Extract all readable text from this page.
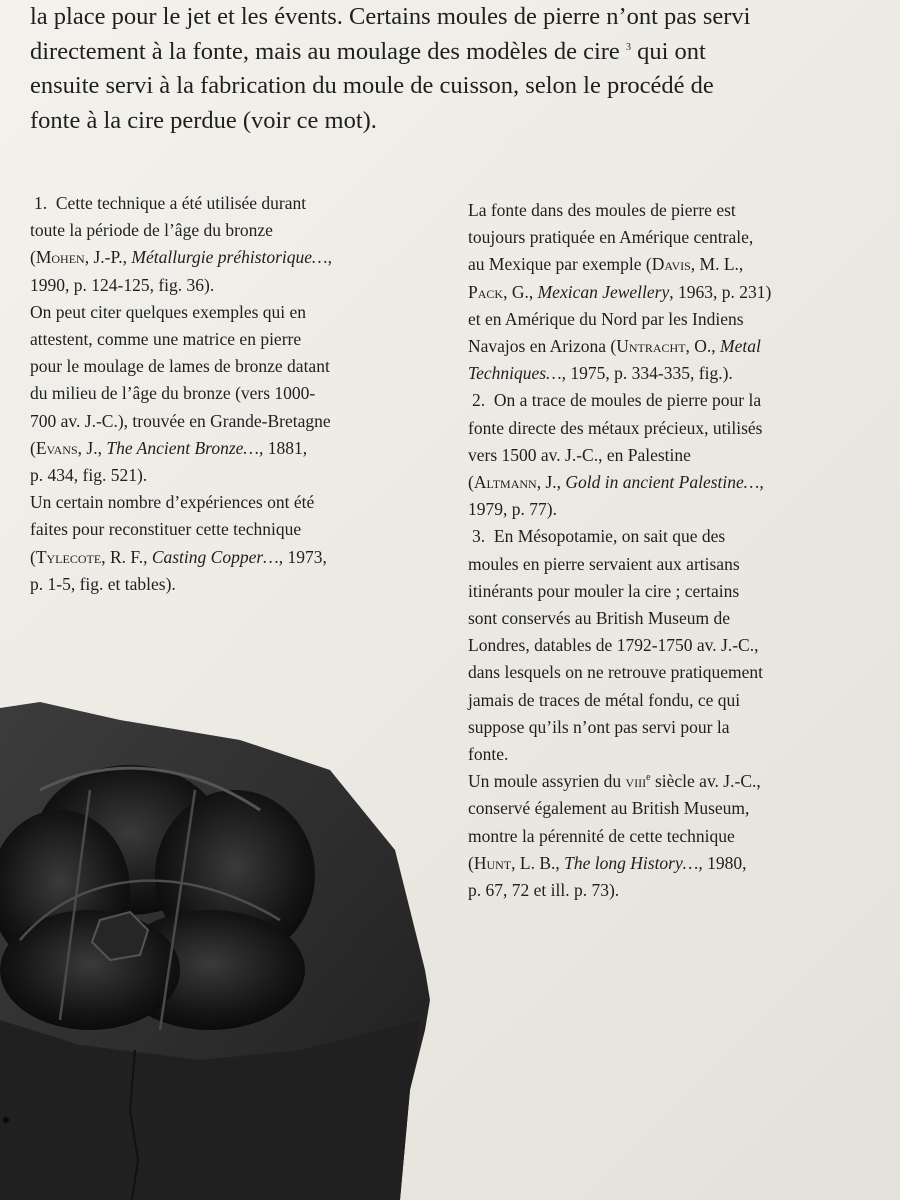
la place pour le jet et les évents. Certains moules de pierre n’ont pas servi

directement à la fonte, mais au moulage des modèles de cire $^3$ qui ont

ensuite servi à la fabrication du moule de cuisson, selon le procédé de

fonte à la cire perdue (voir ce mot).

1. Cette technique a été utilisée durant

toute la période de l’âge du bronze

(Mohen, J.-P., Métallurgie préhistorique…,

1990, p. 124-125, fig. 36).

On peut citer quelques exemples qui en

attestent, comme une matrice en pierre

pour le moulage de lames de bronze datant

du milieu de l’âge du bronze (vers 1000-

700 av. J.-C.), trouvée en Grande-Bretagne

(Evans, J., The Ancient Bronze…, 1881,

p. 434, fig. 521).

Un certain nombre d’expériences ont été

faites pour reconstituer cette technique

(Tylecote, R. F., Casting Copper…, 1973,

p. 1-5, fig. et tables).

La fonte dans des moules de pierre est

toujours pratiquée en Amérique centrale,

au Mexique par exemple (Davis, M. L.,

Pack, G., Mexican Jewellery, 1963, p. 231)

et en Amérique du Nord par les Indiens

Navajos en Arizona (Untracht, O., Metal

Techniques…, 1975, p. 334-335, fig.).

2. On a trace de moules de pierre pour la

fonte directe des métaux précieux, utilisés

vers 1500 av. J.-C., en Palestine

(Altmann, J., Gold in ancient Palestine…,

1979, p. 77).

3. En Mésopotamie, on sait que des

moules en pierre servaient aux artisans

itinérants pour mouler la cire ; certains

sont conservés au British Museum de

Londres, datables de 1792-1750 av. J.-C.,

dans lesquels on ne retrouve pratiquement

jamais de traces de métal fondu, ce qui

suppose qu’ils n’ont pas servi pour la

fonte.

Un moule assyrien du viii$^e$ siècle av. J.-C.,

conservé également au British Museum,

montre la pérennité de cette technique

(Hunt, L. B., The long History…, 1980,

p. 67, 72 et ill. p. 73).
